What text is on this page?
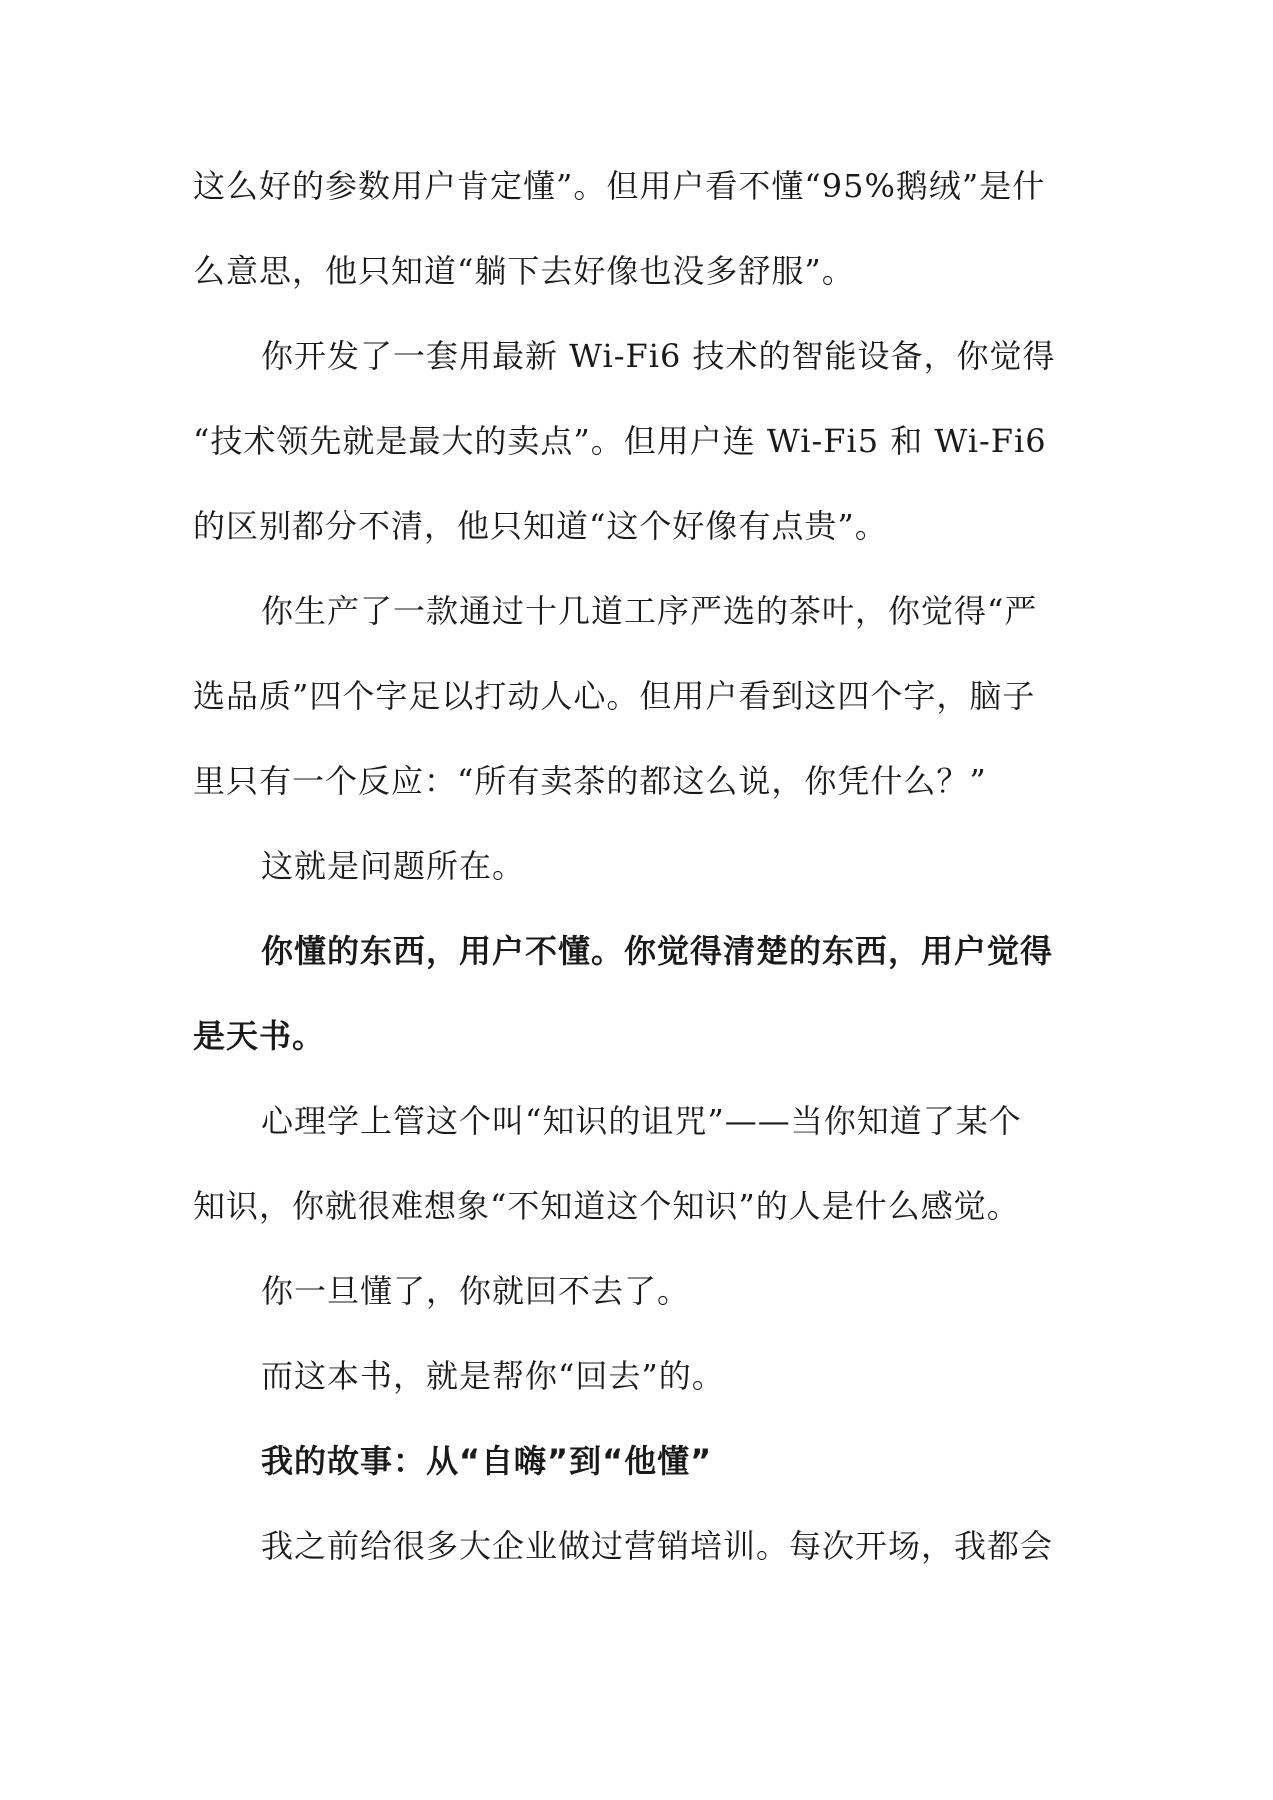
这么好的参数用户肯定懂”。但用户看不懂“95%鹅绒”是什
么意思，他只知道“躺下去好像也没多舒服”。
你开发了一套用最新 Wi-Fi6 技术的智能设备，你觉得
“技术领先就是最大的卖点”。但用户连 Wi-Fi5 和 Wi-Fi6
的区别都分不清，他只知道“这个好像有点贵”。
你生产了一款通过十几道工序严选的茶叶，你觉得“严
选品质”四个字足以打动人心。但用户看到这四个字，脑子
里只有一个反应：“所有卖茶的都这么说，你凭什么？”
这就是问题所在。
你懂的东西，用户不懂。你觉得清楚的东西，用户觉得
是天书。
心理学上管这个叫“知识的诅咒”——当你知道了某个
知识，你就很难想象“不知道这个知识”的人是什么感觉。
你一旦懂了，你就回不去了。
而这本书，就是帮你“回去”的。
我的故事：从“自嗨”到“他懂”
我之前给很多大企业做过营销培训。每次开场，我都会
